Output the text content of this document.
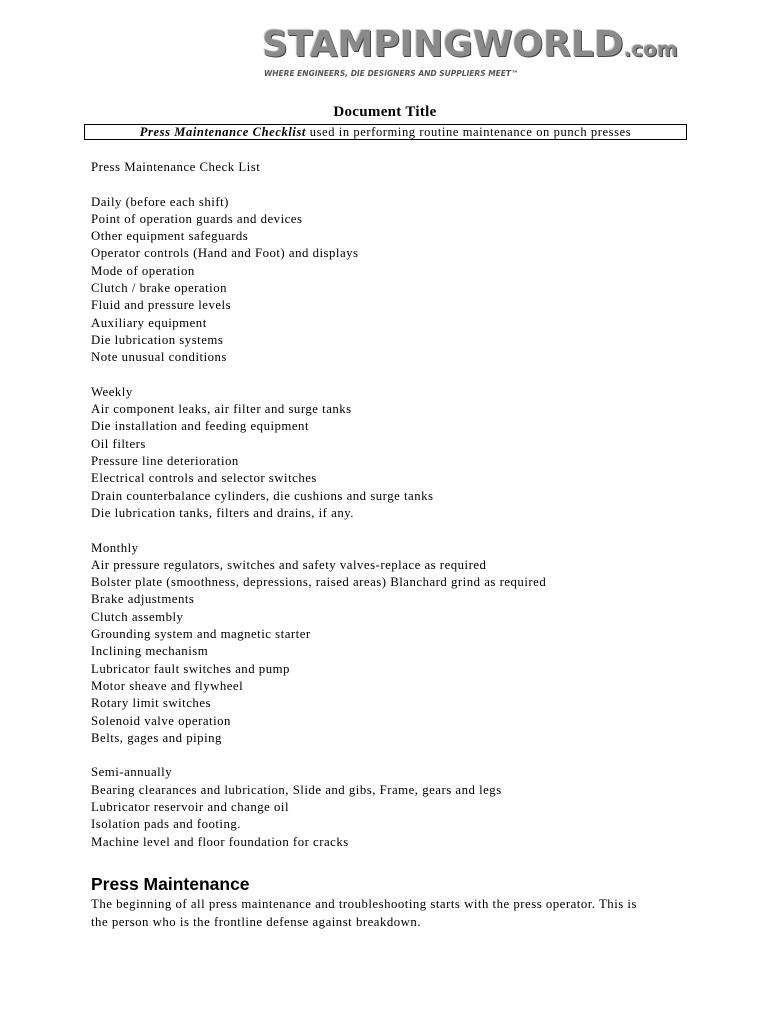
STAMPINGWORLD.com
WHERE ENGINEERS, DIE DESIGNERS AND SUPPLIERS MEET™
Document Title
Press Maintenance Checklist used in performing routine maintenance on punch presses
Press Maintenance Check List
Daily (before each shift)
Point of operation guards and devices
Other equipment safeguards
Operator controls (Hand and Foot) and displays
Mode of operation
Clutch / brake operation
Fluid and pressure levels
Auxiliary equipment
Die lubrication systems
Note unusual conditions
Weekly
Air component leaks, air filter and surge tanks
Die installation and feeding equipment
Oil filters
Pressure line deterioration
Electrical controls and selector switches
Drain counterbalance cylinders, die cushions and surge tanks
Die lubrication tanks, filters and drains, if any.
Monthly
Air pressure regulators, switches and safety valves-replace as required
Bolster plate (smoothness, depressions, raised areas) Blanchard grind as required
Brake adjustments
Clutch assembly
Grounding system and magnetic starter
Inclining mechanism
Lubricator fault switches and pump
Motor sheave and flywheel
Rotary limit switches
Solenoid valve operation
Belts, gages and piping
Semi-annually
Bearing clearances and lubrication, Slide and gibs, Frame, gears and legs
Lubricator reservoir and change oil
Isolation pads and footing.
Machine level and floor foundation for cracks
Press Maintenance
The beginning of all press maintenance and troubleshooting starts with the press operator. This is the person who is the frontline defense against breakdown.
